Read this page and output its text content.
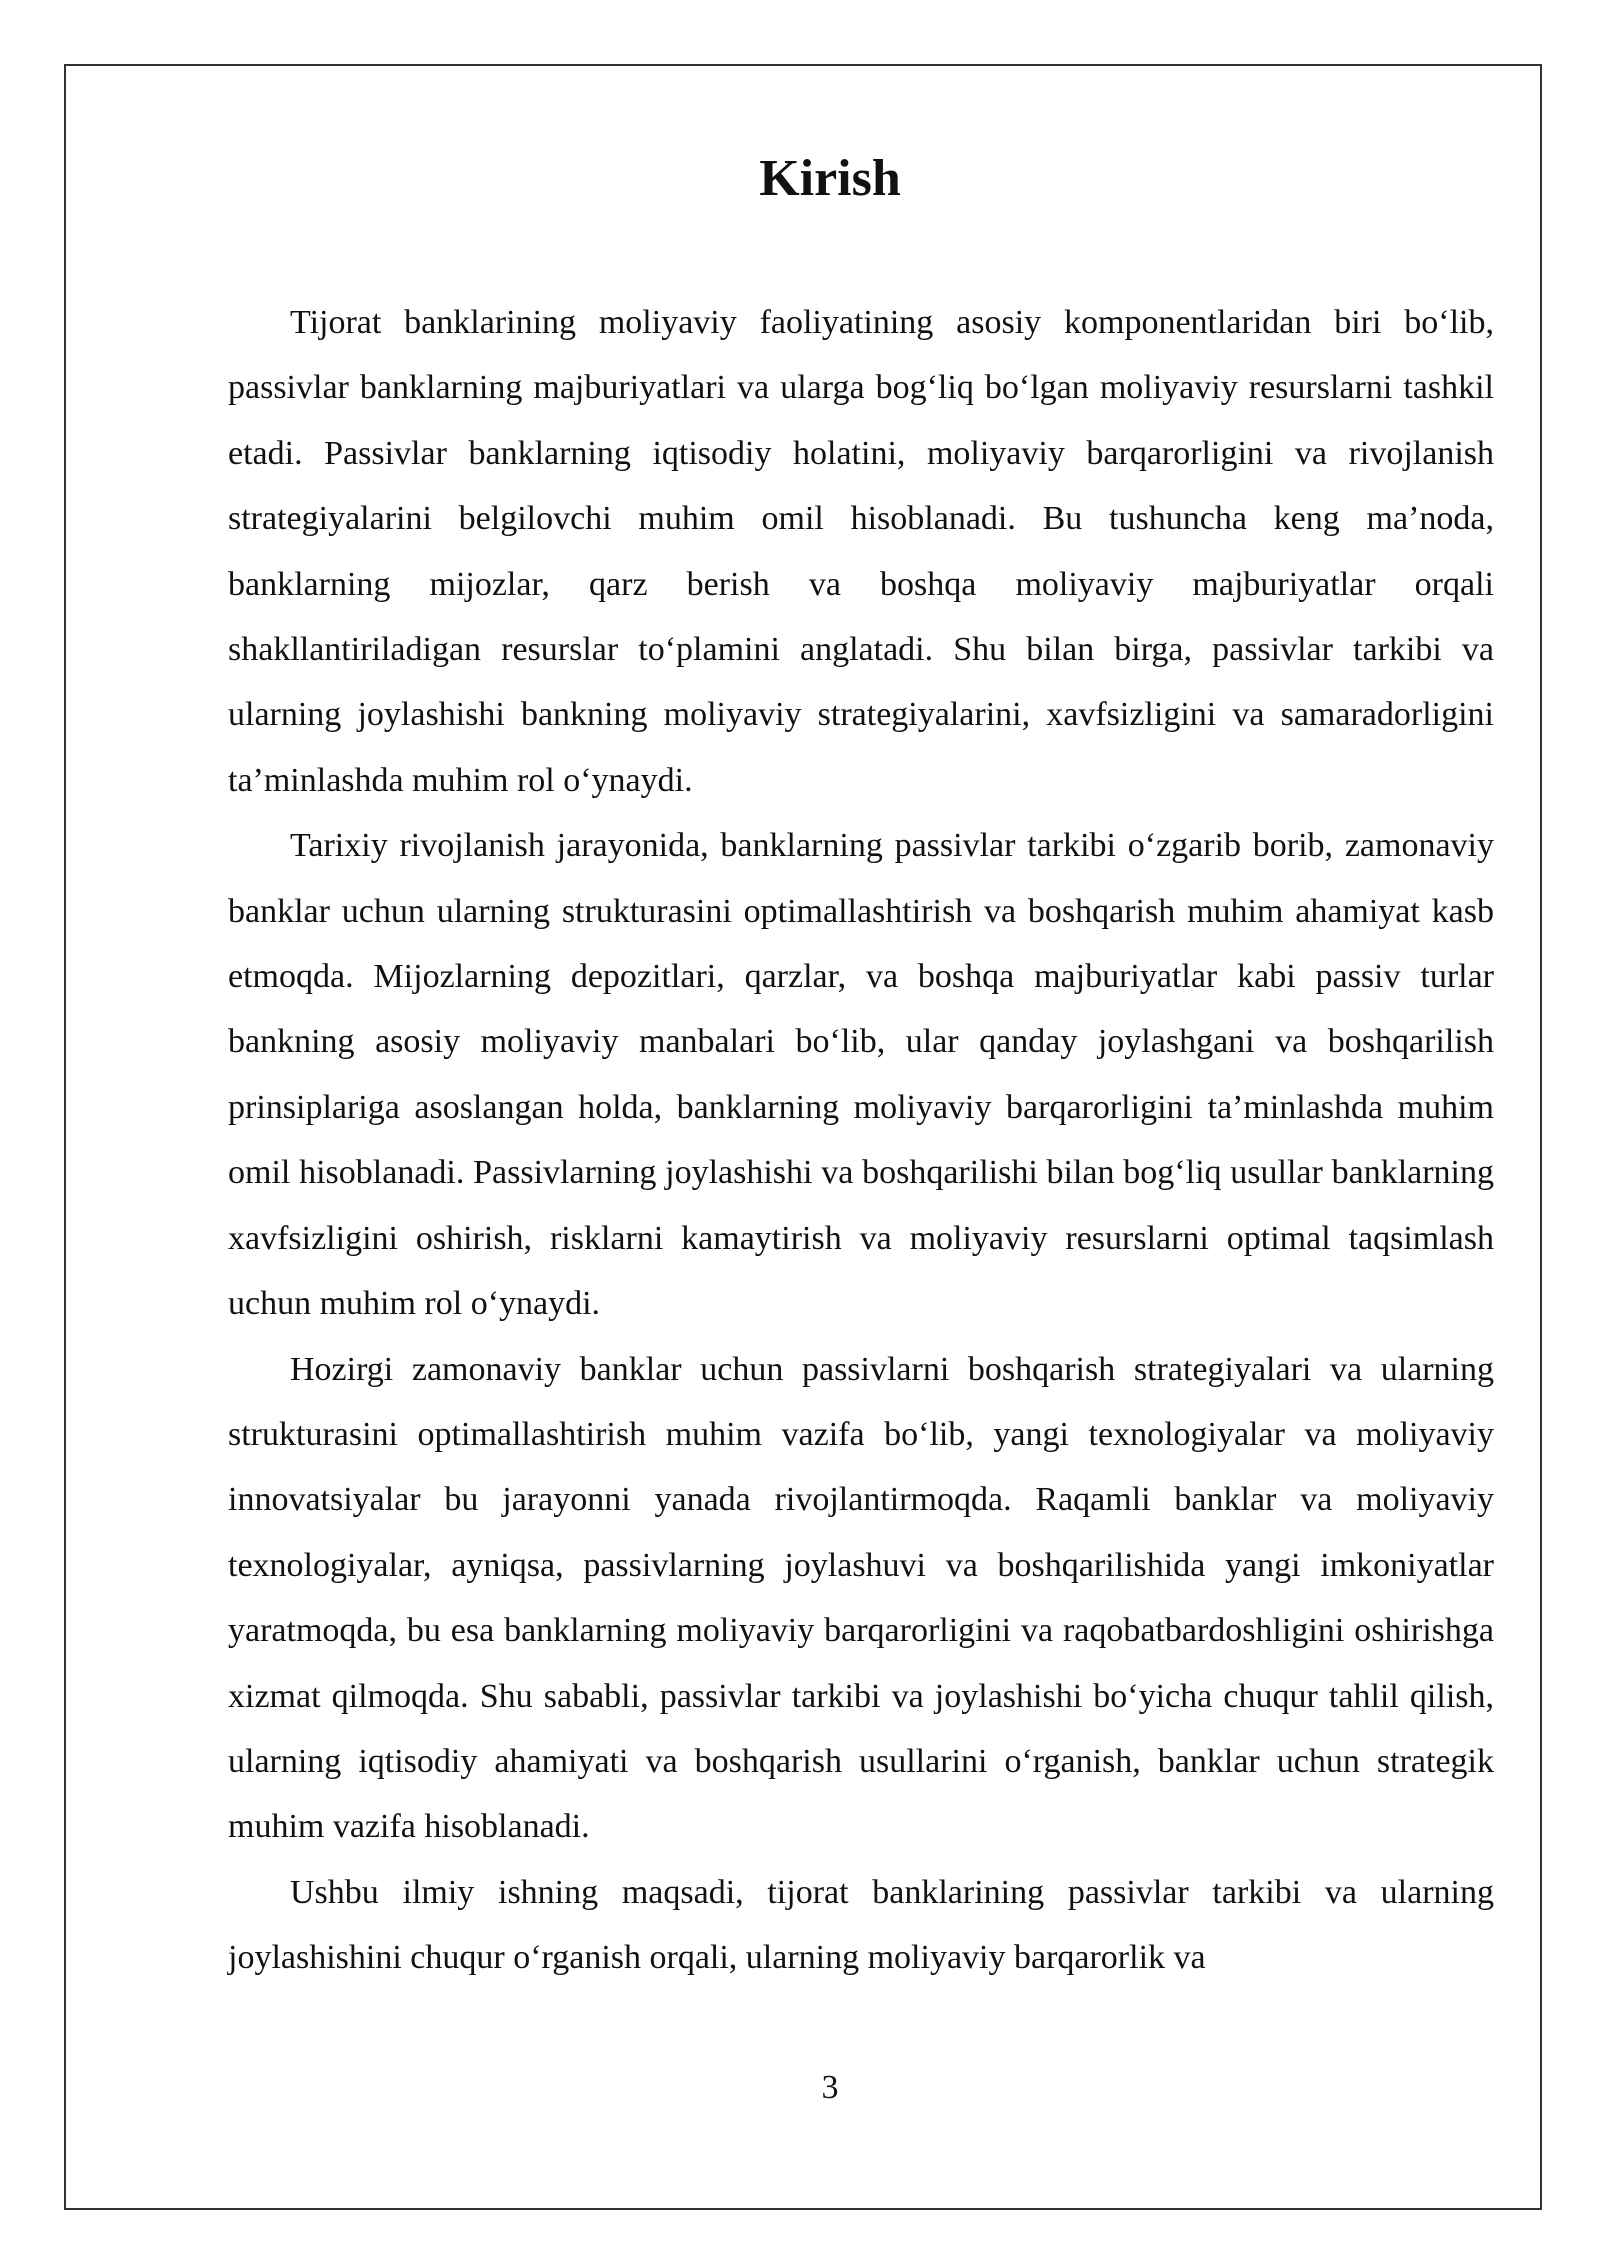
Kirish

Tijorat banklarining moliyaviy faoliyatining asosiy komponentlaridan biri bo‘lib, passivlar banklarning majburiyatlari va ularga bog‘liq bo‘lgan moliyaviy resurslarni tashkil etadi. Passivlar banklarning iqtisodiy holatini, moliyaviy barqarorligini va rivojlanish strategiyalarini belgilovchi muhim omil hisoblanadi. Bu tushuncha keng ma’noda, banklarning mijozlar, qarz berish va boshqa moliyaviy majburiyatlar orqali shakllantiriladigan resurslar to‘plamini anglatadi. Shu bilan birga, passivlar tarkibi va ularning joylashishi bankning moliyaviy strategiyalarini, xavfsizligini va samaradorligini ta’minlashda muhim rol o‘ynaydi.

Tarixiy rivojlanish jarayonida, banklarning passivlar tarkibi o‘zgarib borib, zamonaviy banklar uchun ularning strukturasini optimallashtirish va boshqarish muhim ahamiyat kasb etmoqda. Mijozlarning depozitlari, qarzlar, va boshqa majburiyatlar kabi passiv turlar bankning asosiy moliyaviy manbalari bo‘lib, ular qanday joylashgani va boshqarilish prinsiplariga asoslangan holda, banklarning moliyaviy barqarorligini ta’minlashda muhim omil hisoblanadi. Passivlarning joylashishi va boshqarilishi bilan bog‘liq usullar banklarning xavfsizligini oshirish, risklarni kamaytirish va moliyaviy resurslarni optimal taqsimlash uchun muhim rol o‘ynaydi.

Hozirgi zamonaviy banklar uchun passivlarni boshqarish strategiyalari va ularning strukturasini optimallashtirish muhim vazifa bo‘lib, yangi texnologiyalar va moliyaviy innovatsiyalar bu jarayonni yanada rivojlantirmoqda. Raqamli banklar va moliyaviy texnologiyalar, ayniqsa, passivlarning joylashuvi va boshqarilishida yangi imkoniyatlar yaratmoqda, bu esa banklarning moliyaviy barqarorligini va raqobatbardoshligini oshirishga xizmat qilmoqda. Shu sababli, passivlar tarkibi va joylashishi bo‘yicha chuqur tahlil qilish, ularning iqtisodiy ahamiyati va boshqarish usullarini o‘rganish, banklar uchun strategik muhim vazifa hisoblanadi.

Ushbu ilmiy ishning maqsadi, tijorat banklarining passivlar tarkibi va ularning joylashishini chuqur o‘rganish orqali, ularning moliyaviy barqarorlik va

3
